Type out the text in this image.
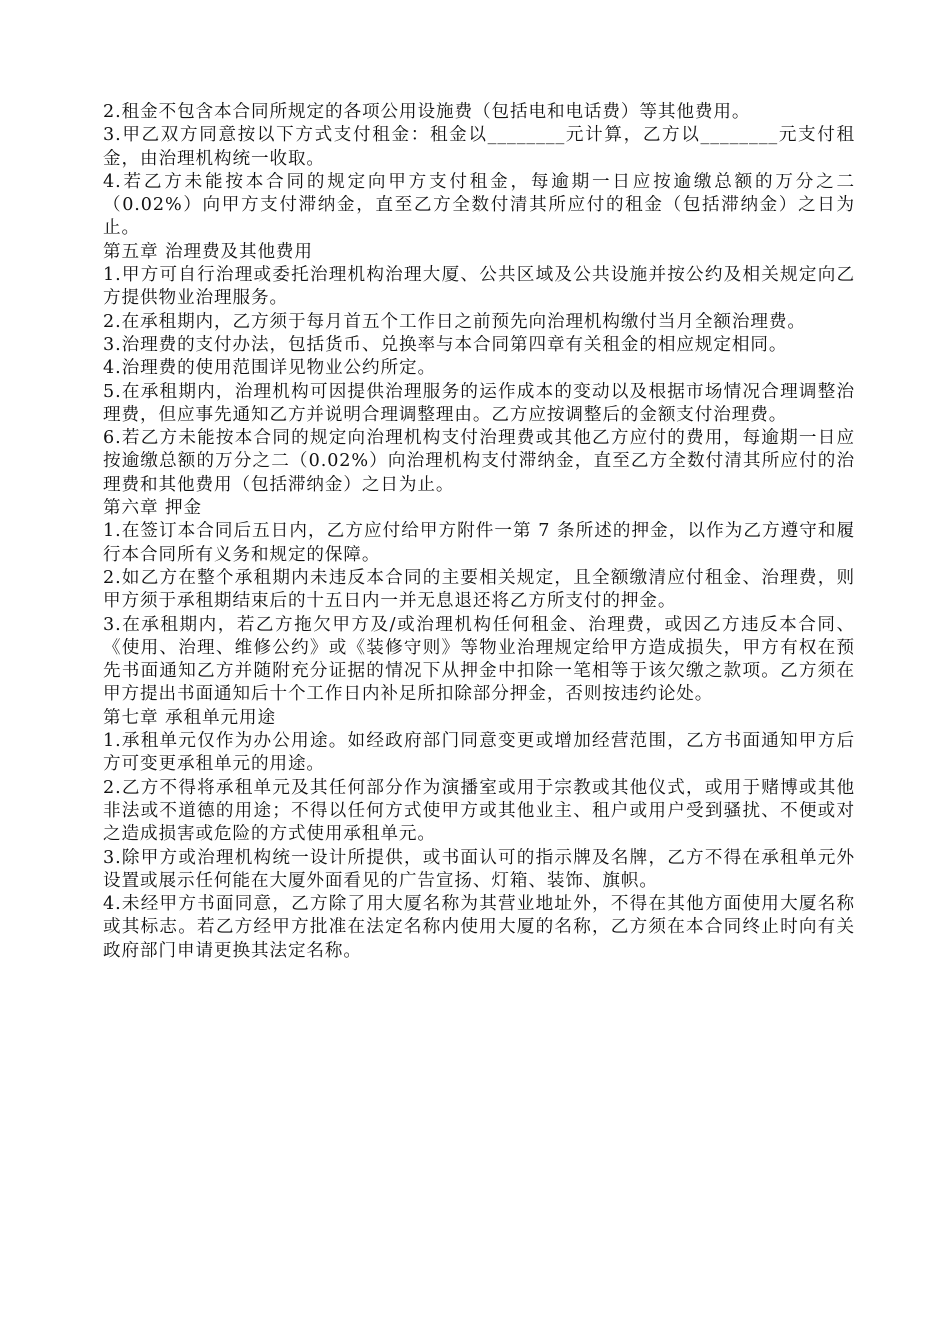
2.租金不包含本合同所规定的各项公用设施费（包括电和电话费）等其他费用。

3.甲乙双方同意按以下方式支付租金：租金以________元计算，乙方以________元支付租金，由治理机构统一收取。

4.若乙方未能按本合同的规定向甲方支付租金，每逾期一日应按逾缴总额的万分之二（0.02%）向甲方支付滞纳金，直至乙方全数付清其所应付的租金（包括滞纳金）之日为止。

第五章 治理费及其他费用

1.甲方可自行治理或委托治理机构治理大厦、公共区域及公共设施并按公约及相关规定向乙方提供物业治理服务。

2.在承租期内，乙方须于每月首五个工作日之前预先向治理机构缴付当月全额治理费。

3.治理费的支付办法，包括货币、兑换率与本合同第四章有关租金的相应规定相同。

4.治理费的使用范围详见物业公约所定。

5.在承租期内，治理机构可因提供治理服务的运作成本的变动以及根据市场情况合理调整治理费，但应事先通知乙方并说明合理调整理由。乙方应按调整后的金额支付治理费。

6.若乙方未能按本合同的规定向治理机构支付治理费或其他乙方应付的费用，每逾期一日应按逾缴总额的万分之二（0.02%）向治理机构支付滞纳金，直至乙方全数付清其所应付的治理费和其他费用（包括滞纳金）之日为止。

第六章 押金

1.在签订本合同后五日内，乙方应付给甲方附件一第 7 条所述的押金，以作为乙方遵守和履行本合同所有义务和规定的保障。

2.如乙方在整个承租期内未违反本合同的主要相关规定，且全额缴清应付租金、治理费，则甲方须于承租期结束后的十五日内一并无息退还将乙方所支付的押金。

3.在承租期内，若乙方拖欠甲方及/或治理机构任何租金、治理费，或因乙方违反本合同、《使用、治理、维修公约》或《装修守则》等物业治理规定给甲方造成损失，甲方有权在预先书面通知乙方并随附充分证据的情况下从押金中扣除一笔相等于该欠缴之款项。乙方须在甲方提出书面通知后十个工作日内补足所扣除部分押金，否则按违约论处。

第七章 承租单元用途

1.承租单元仅作为办公用途。如经政府部门同意变更或增加经营范围，乙方书面通知甲方后方可变更承租单元的用途。

2.乙方不得将承租单元及其任何部分作为演播室或用于宗教或其他仪式，或用于赌博或其他非法或不道德的用途；不得以任何方式使甲方或其他业主、租户或用户受到骚扰、不便或对之造成损害或危险的方式使用承租单元。

3.除甲方或治理机构统一设计所提供，或书面认可的指示牌及名牌，乙方不得在承租单元外设置或展示任何能在大厦外面看见的广告宣扬、灯箱、装饰、旗帜。

4.未经甲方书面同意，乙方除了用大厦名称为其营业地址外，不得在其他方面使用大厦名称或其标志。若乙方经甲方批准在法定名称内使用大厦的名称，乙方须在本合同终止时向有关政府部门申请更换其法定名称。
